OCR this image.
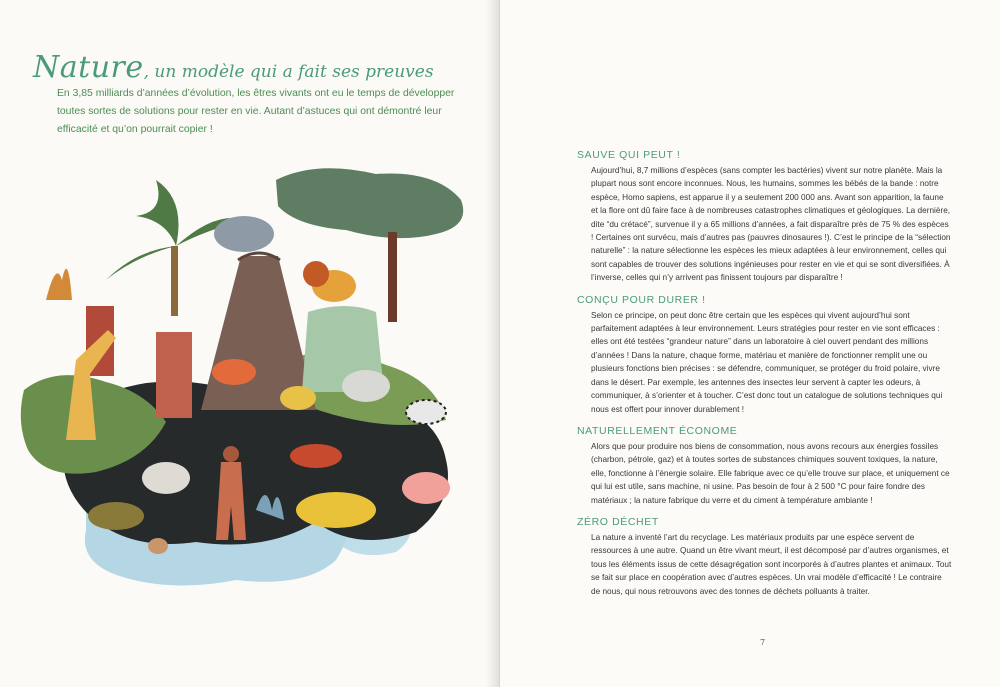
Nature, un modèle qui a fait ses preuves

En 3,85 milliards d’années d’évolution, les êtres vivants ont eu le temps de développer toutes sortes de solutions pour rester en vie. Autant d’astuces qui ont démontré leur efficacité et qu’on pourrait copier !

SAUVE QUI PEUT !

Aujourd’hui, 8,7 millions d’espèces (sans compter les bactéries) vivent sur notre planète. Mais la plupart nous sont encore inconnues. Nous, les humains, sommes les bébés de la bande : notre espèce, Homo sapiens, est apparue il y a seulement 200 000 ans. Avant son apparition, la faune et la flore ont dû faire face à de nombreuses catastrophes climatiques et géologiques. La dernière, dite “du crétacé”, survenue il y a 65 millions d’années, a fait disparaître près de 75 % des espèces ! Certaines ont survécu, mais d’autres pas (pauvres dinosaures !). C’est le principe de la “sélection naturelle” : la nature sélectionne les espèces les mieux adaptées à leur environnement, celles qui sont capables de trouver des solutions ingénieuses pour rester en vie et qui se sont diversifiées. À l’inverse, celles qui n’y arrivent pas finissent toujours par disparaître !

CONÇU POUR DURER !

Selon ce principe, on peut donc être certain que les espèces qui vivent aujourd’hui sont parfaitement adaptées à leur environnement. Leurs stratégies pour rester en vie sont efficaces : elles ont été testées “grandeur nature” dans un laboratoire à ciel ouvert pendant des millions d’années ! Dans la nature, chaque forme, matériau et manière de fonctionner remplit une ou plusieurs fonctions bien précises : se défendre, communiquer, se protéger du froid polaire, vivre dans le désert. Par exemple, les antennes des insectes leur servent à capter les odeurs, à communiquer, à s’orienter et à toucher. C’est donc tout un catalogue de solutions techniques qui nous est offert pour innover durablement !

NATURELLEMENT ÉCONOME

Alors que pour produire nos biens de consommation, nous avons recours aux énergies fossiles (charbon, pétrole, gaz) et à toutes sortes de substances chimiques souvent toxiques, la nature, elle, fonctionne à l’énergie solaire. Elle fabrique avec ce qu’elle trouve sur place, et uniquement ce qui lui est utile, sans machine, ni usine. Pas besoin de four à 2 500 °C pour faire fondre des matériaux ; la nature fabrique du verre et du ciment à température ambiante !

ZÉRO DÉCHET

La nature a inventé l’art du recyclage. Les matériaux produits par une espèce servent de ressources à une autre. Quand un être vivant meurt, il est décomposé par d’autres organismes, et tous les éléments issus de cette désagrégation sont incorporés à d’autres plantes et animaux. Tout se fait sur place en coopération avec d’autres espèces. Un vrai modèle d’efficacité ! Le contraire de nous, qui nous retrouvons avec des tonnes de déchets polluants à traiter.

7
